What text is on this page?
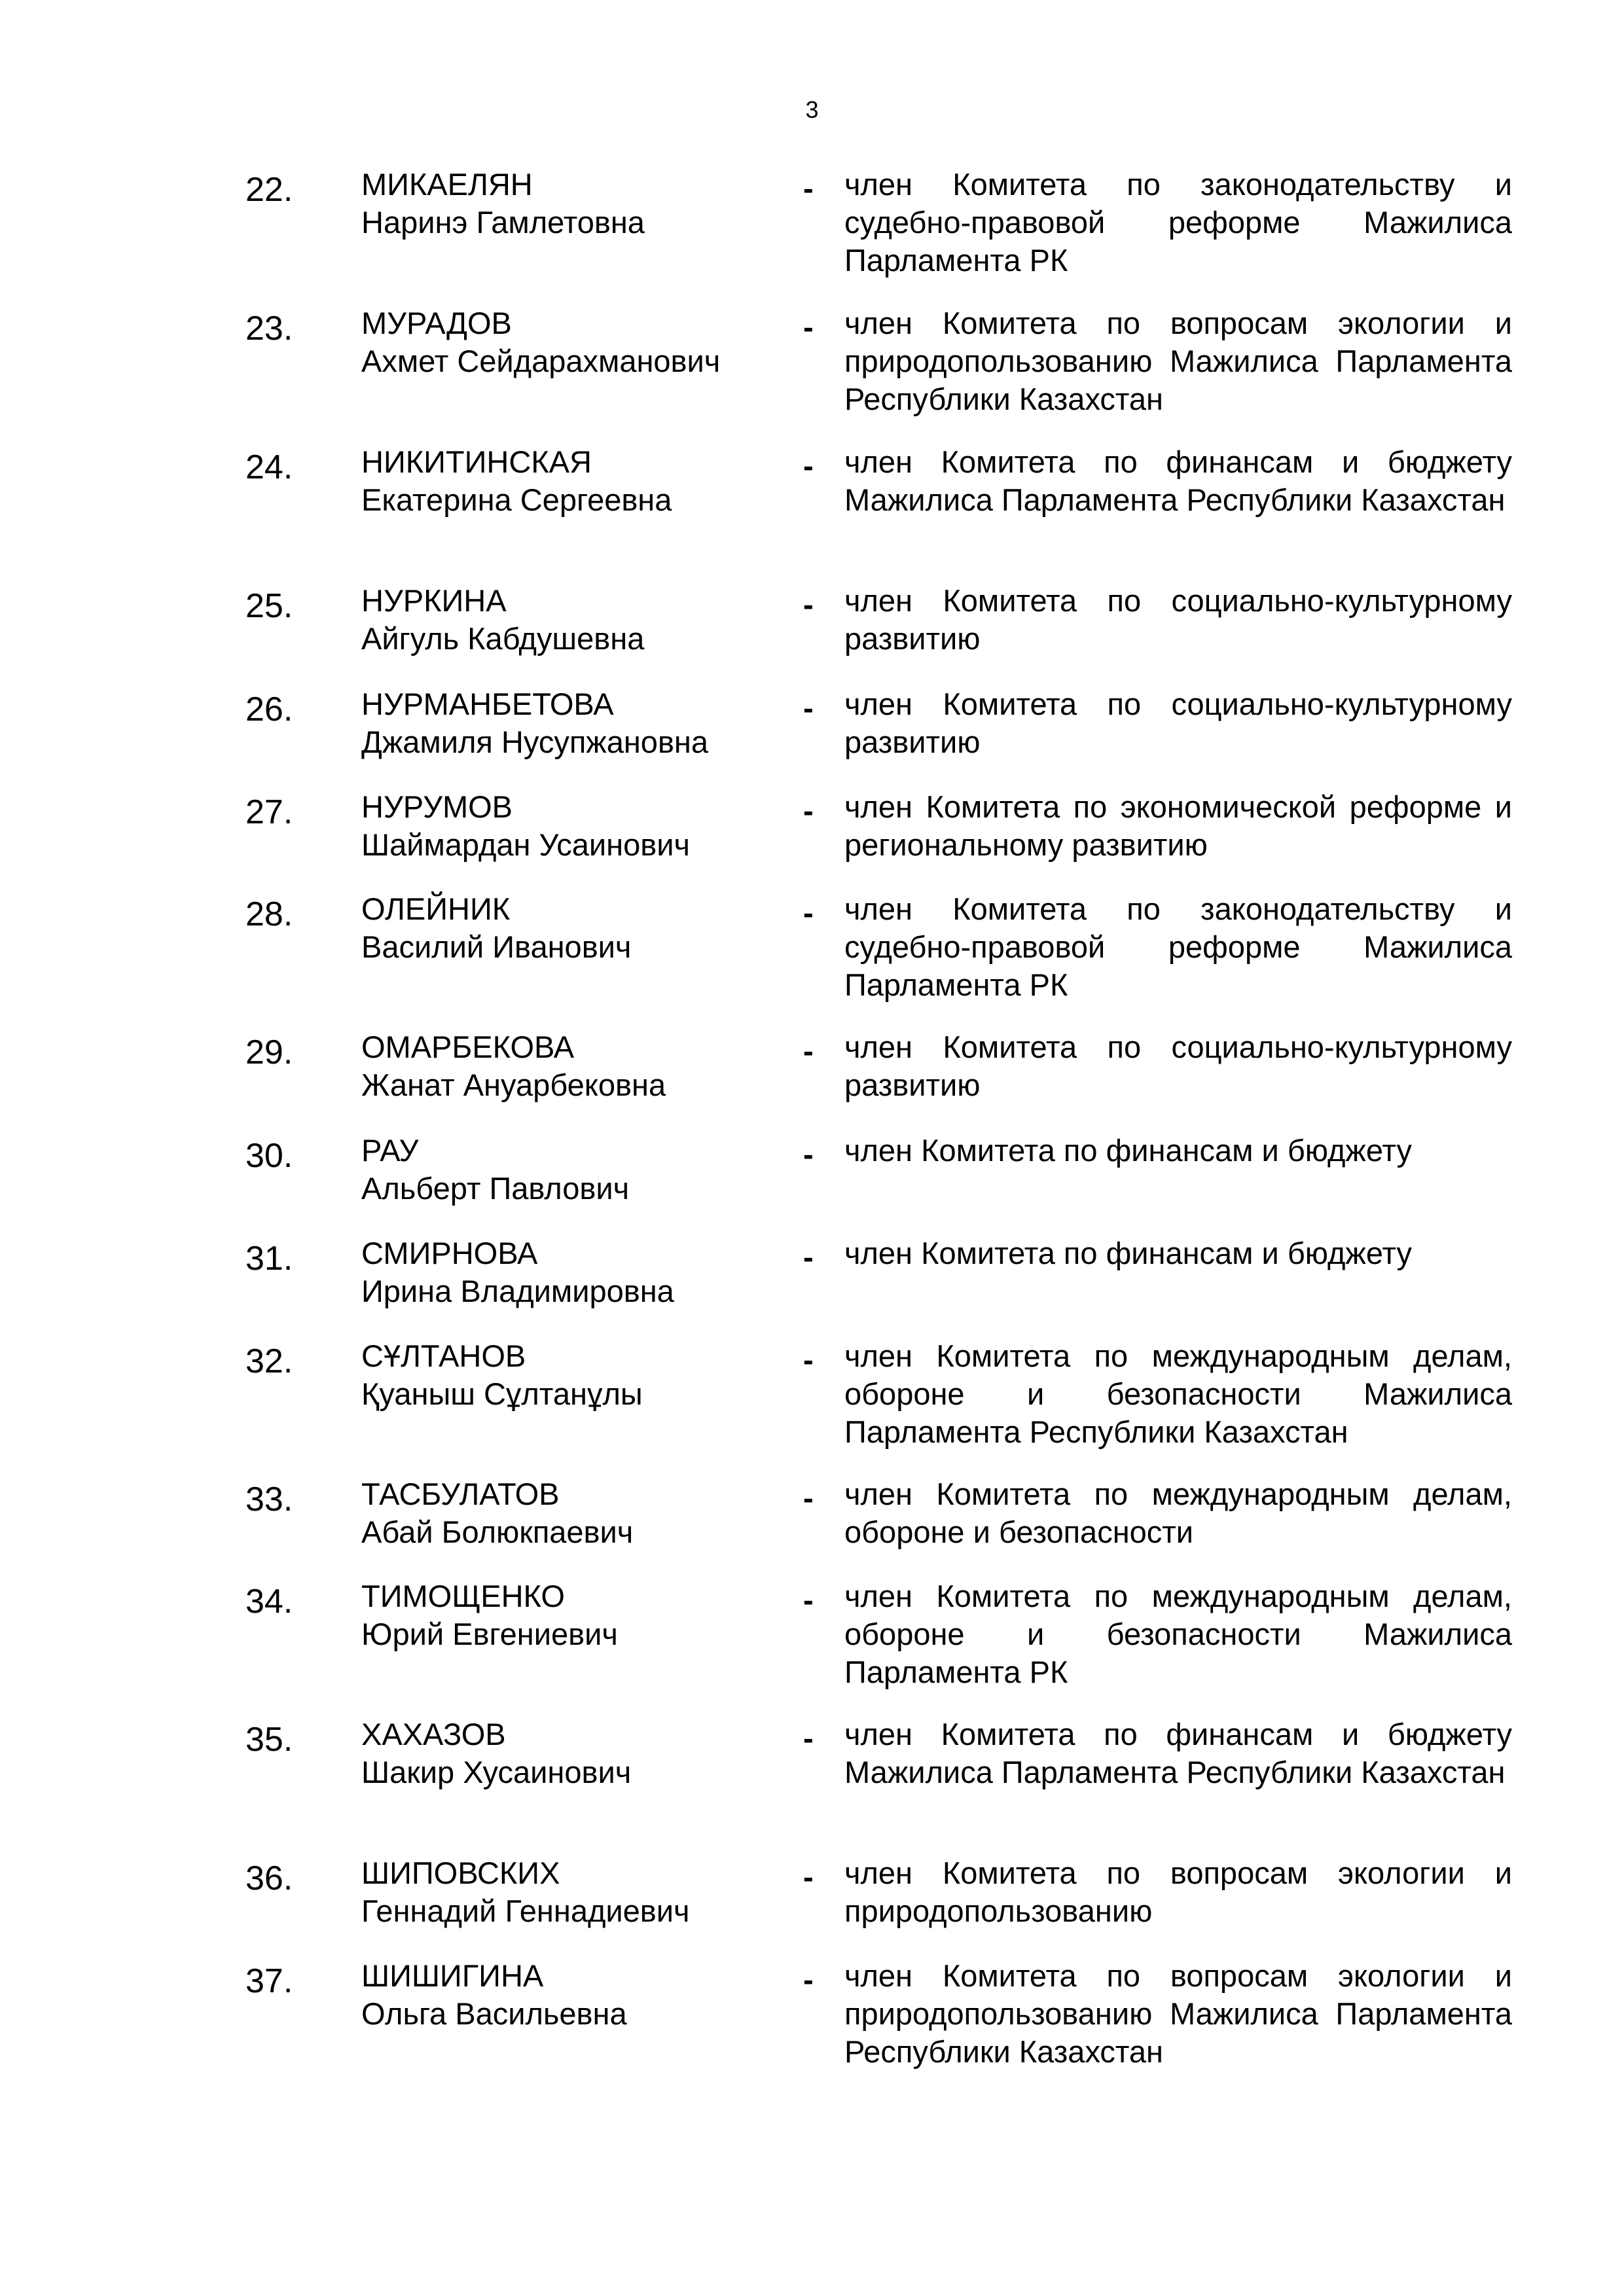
3
22. МИКАЕЛЯН
Наринэ Гамлетовна
- член Комитета по законодательству и судебно-правовой реформе Мажилиса Парламента РК
23. МУРАДОВ
Ахмет Сейдарахманович
- член Комитета по вопросам экологии и природопользованию Мажилиса Парламента Республики Казахстан
24. НИКИТИНСКАЯ
Екатерина Сергеевна
- член Комитета по финансам и бюджету Мажилиса Парламента Республики Казахстан
25. НУРКИНА
Айгуль Кабдушевна
- член Комитета по социально-культурному развитию
26. НУРМАНБЕТОВА
Джамиля Нусупжановна
- член Комитета по социально-культурному развитию
27. НУРУМОВ
Шаймардан Усаинович
- член Комитета по экономической реформе и региональному развитию
28. ОЛЕЙНИК
Василий Иванович
- член Комитета по законодательству и судебно-правовой реформе Мажилиса Парламента РК
29. ОМАРБЕКОВА
Жанат Ануарбековна
- член Комитета по социально-культурному развитию
30. РАУ
Альберт Павлович
- член Комитета по финансам и бюджету
31. СМИРНОВА
Ирина Владимировна
- член Комитета по финансам и бюджету
32. СҰЛТАНОВ
Қуаныш Сұлтанұлы
- член Комитета по международным делам, обороне и безопасности Мажилиса Парламента Республики Казахстан
33. ТАСБУЛАТОВ
Абай Болюкпаевич
- член Комитета по международным делам, обороне и безопасности
34. ТИМОЩЕНКО
Юрий Евгениевич
- член Комитета по международным делам, обороне и безопасности Мажилиса Парламента РК
35. ХАХАЗОВ
Шакир Хусаинович
- член Комитета по финансам и бюджету Мажилиса Парламента Республики Казахстан
36. ШИПОВСКИХ
Геннадий Геннадиевич
- член Комитета по вопросам экологии и природопользованию
37. ШИШИГИНА
Ольга Васильевна
- член Комитета по вопросам экологии и природопользованию Мажилиса Парламента Республики Казахстан
